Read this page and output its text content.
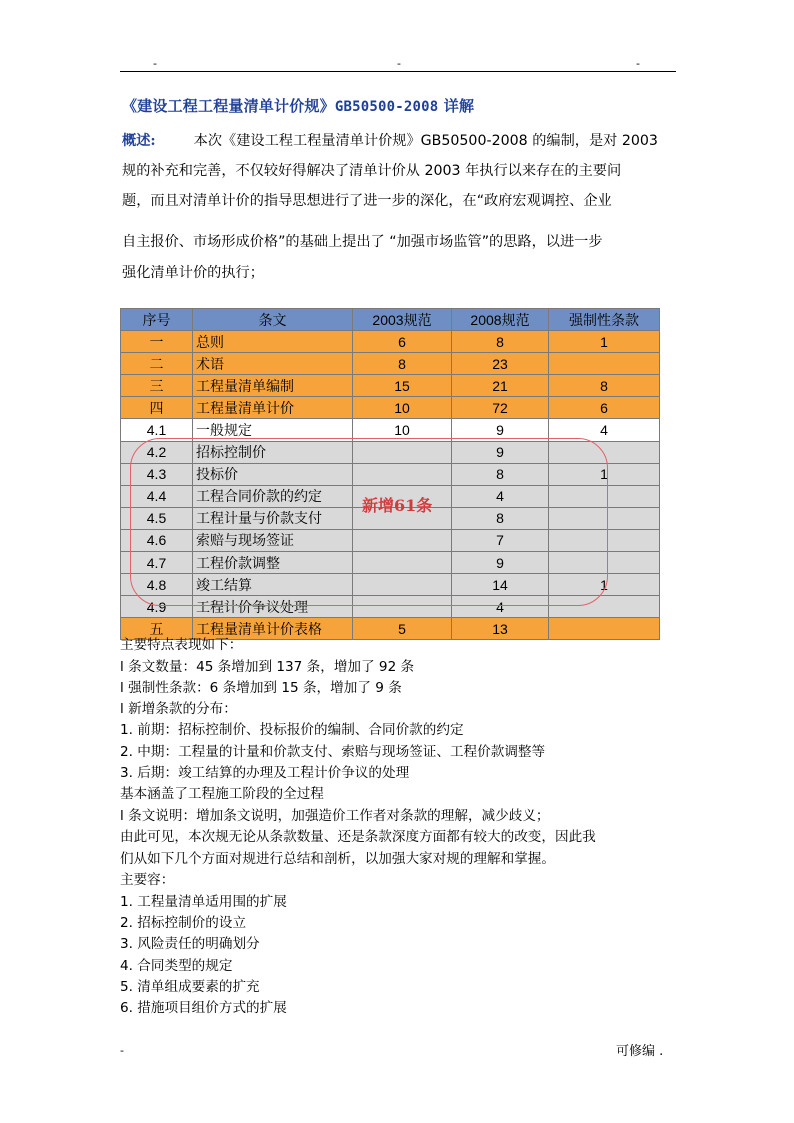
-	-	-
《建设工程工程量清单计价规》GB50500-2008 详解
概述:	本次《建设工程工程量清单计价规》GB50500-2008 的编制，是对 2003
规的补充和完善，不仅较好得解决了清单计价从 2003 年执行以来存在的主要问
题，而且对清单计价的指导思想进行了进一步的深化，在“政府宏观调控、企业
自主报价、市场形成价格”的基础上提出了 “加强市场监管”的思路，以进一步
强化清单计价的执行；
序号	条文	2003规范	2008规范	强制性条款
一	总则	6	8	1
二	术语	8	23	
三	工程量清单编制	15	21	8
四	工程量清单计价	10	72	6
4.1	一般规定	10	9	4
4.2	招标控制价		9	
4.3	投标价		8	1
4.4	工程合同价款的约定		4	
4.5	工程计量与价款支付		8	
4.6	索赔与现场签证		7	
4.7	工程价款调整		9	
4.8	竣工结算		14	1
4.9	工程计价争议处理		4	
五	工程量清单计价表格	5	13	
新增61条
主要特点表现如下：
l 条文数量：45 条增加到 137 条，增加了 92 条
l 强制性条款：6 条增加到 15 条，增加了 9 条
l 新增条款的分布：
1. 前期：招标控制价、投标报价的编制、合同价款的约定
2. 中期：工程量的计量和价款支付、索赔与现场签证、工程价款调整等
3. 后期：竣工结算的办理及工程计价争议的处理
基本涵盖了工程施工阶段的全过程
l 条文说明：增加条文说明，加强造价工作者对条款的理解，减少歧义；
由此可见，本次规无论从条款数量、还是条款深度方面都有较大的改变，因此我
们从如下几个方面对规进行总结和剖析，以加强大家对规的理解和掌握。
主要容：
1. 工程量清单适用围的扩展
2. 招标控制价的设立
3. 风险责任的明确划分
4. 合同类型的规定
5. 清单组成要素的扩充
6. 措施项目组价方式的扩展
-	可修编 .
